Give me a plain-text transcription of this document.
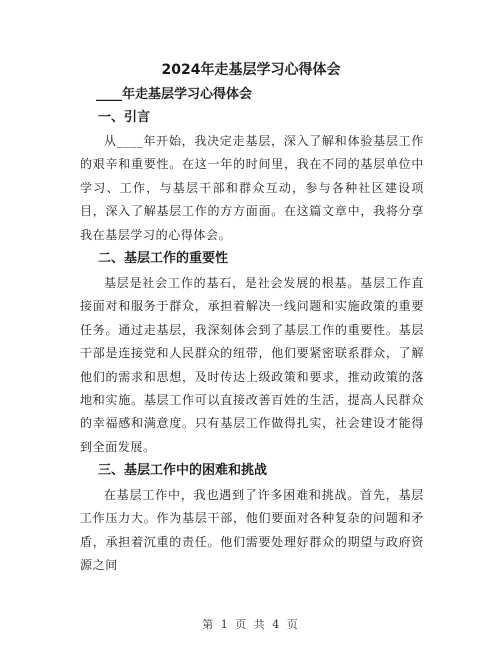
2024年走基层学习心得体会
____年走基层学习心得体会
一、引言

从____年开始，我决定走基层，深入了解和体验基层工作的艰辛和重要性。在这一年的时间里，我在不同的基层单位中学习、工作，与基层干部和群众互动，参与各种社区建设项目，深入了解基层工作的方方面面。在这篇文章中，我将分享我在基层学习的心得体会。

二、基层工作的重要性

基层是社会工作的基石，是社会发展的根基。基层工作直接面对和服务于群众，承担着解决一线问题和实施政策的重要任务。通过走基层，我深刻体会到了基层工作的重要性。基层干部是连接党和人民群众的纽带，他们要紧密联系群众，了解他们的需求和思想，及时传达上级政策和要求，推动政策的落地和实施。基层工作可以直接改善百姓的生活，提高人民群众的幸福感和满意度。只有基层工作做得扎实，社会建设才能得到全面发展。

三、基层工作中的困难和挑战

在基层工作中，我也遇到了许多困难和挑战。首先，基层工作压力大。作为基层干部，他们要面对各种复杂的问题和矛盾，承担着沉重的责任。他们需要处理好群众的期望与政府资源之间

第 1 页 共 4 页
